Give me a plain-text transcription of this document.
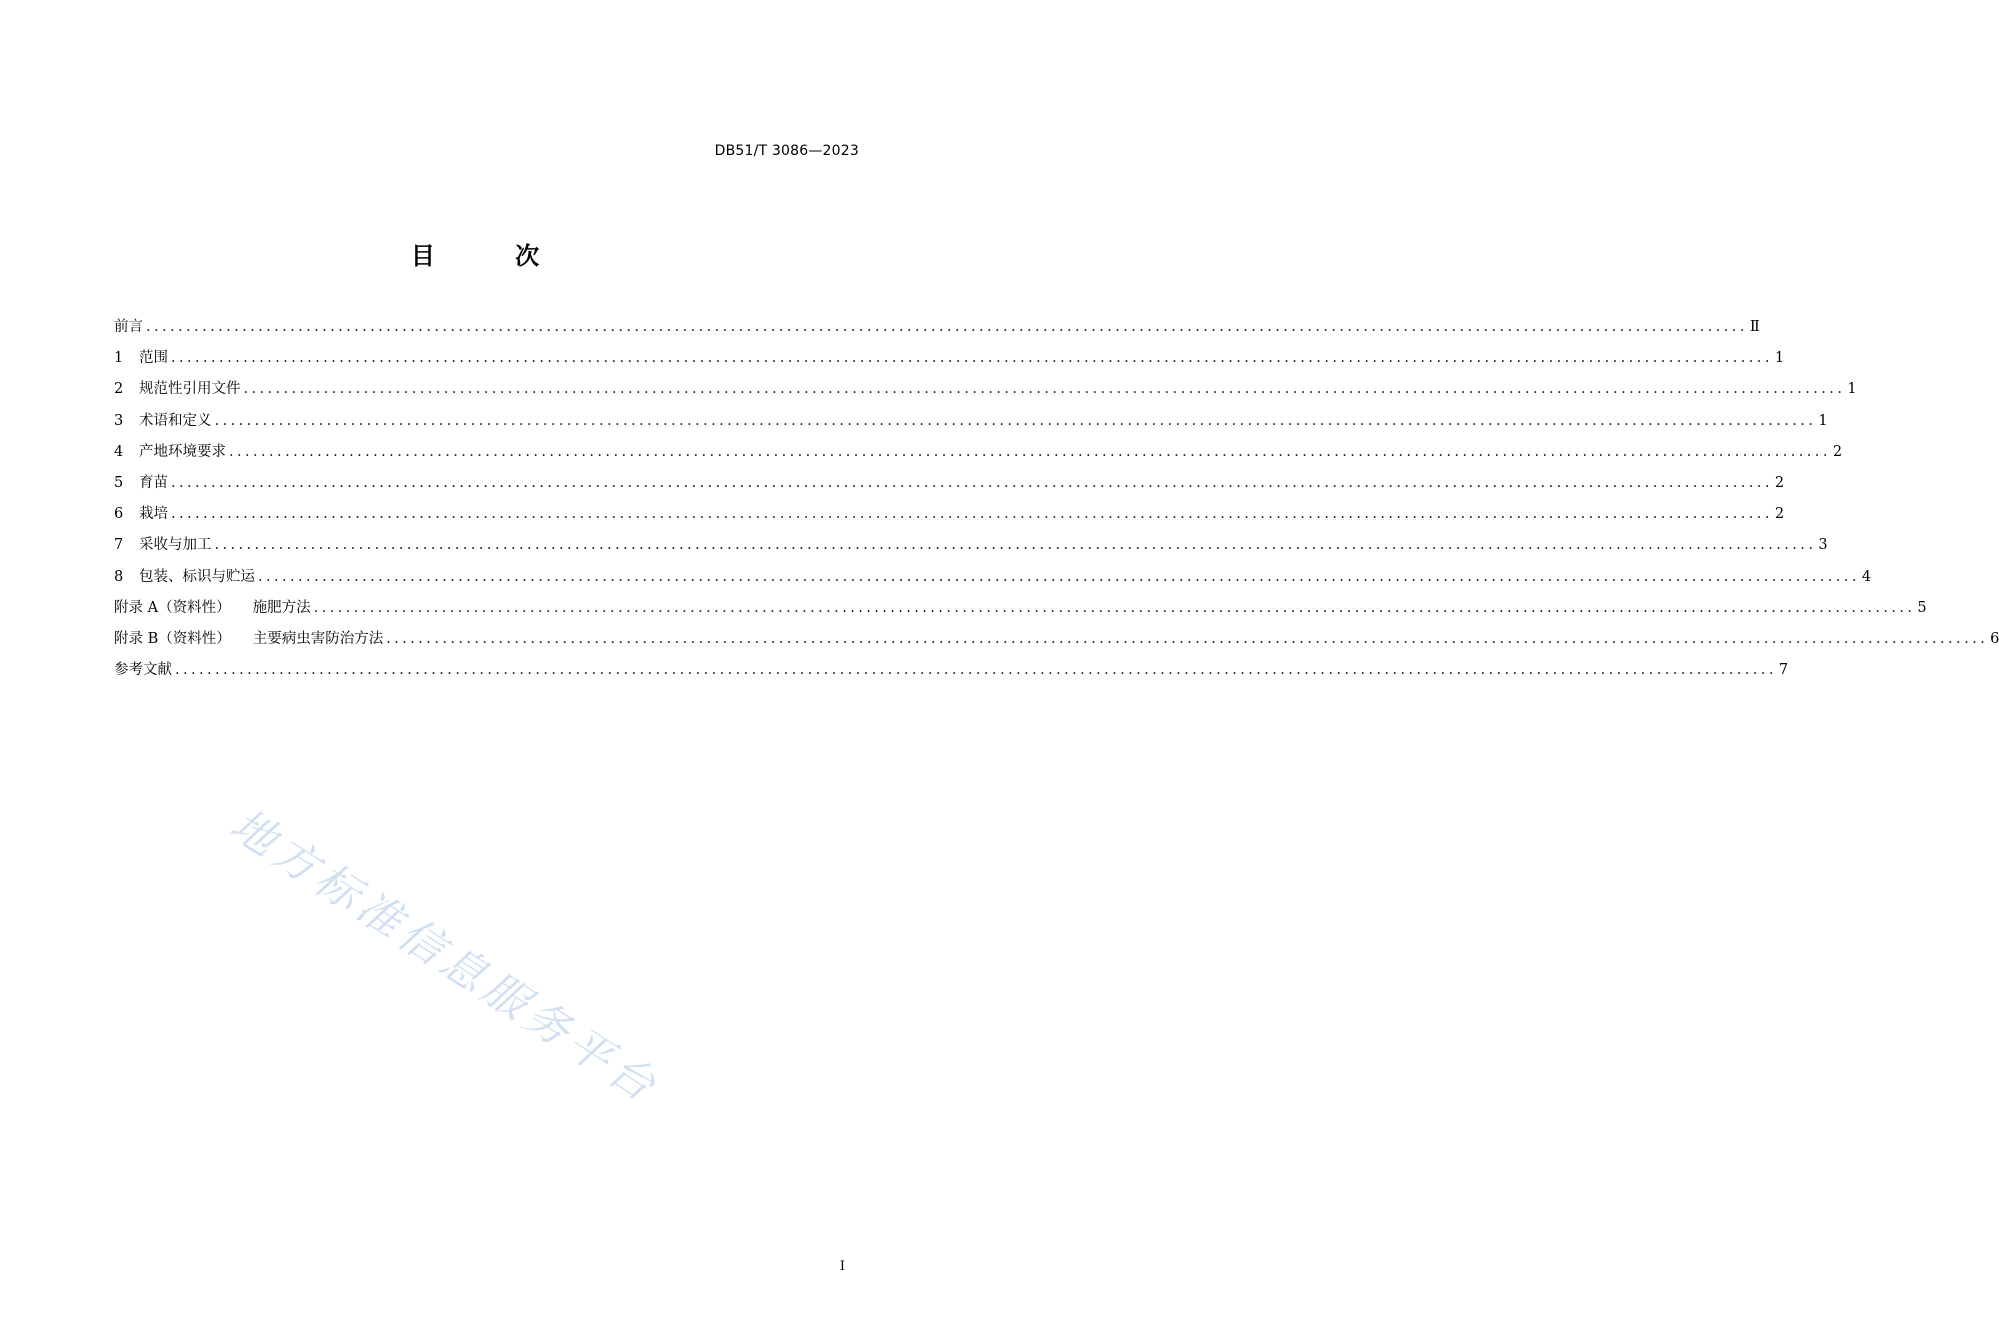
DB51/T 3086—2023
目 次
前言 ........................................................................................................................................................................................................ Ⅱ
1	范围 ........................................................................................................................................................................................................ 1
2	规范性引用文件 ........................................................................................................................................................................................................ 1
3	术语和定义 ........................................................................................................................................................................................................ 1
4	产地环境要求 ........................................................................................................................................................................................................ 2
5	育苗 ........................................................................................................................................................................................................ 2
6	栽培 ........................................................................................................................................................................................................ 2
7	采收与加工 ........................................................................................................................................................................................................ 3
8	包装、标识与贮运 ........................................................................................................................................................................................................ 4
附录 A（资料性） 施肥方法 ........................................................................................................................................................................................................ 5
附录 B（资料性） 主要病虫害防治方法 ........................................................................................................................................................................................................ 6
参考文献 ........................................................................................................................................................................................................ 7
地方标准信息服务平台
I
